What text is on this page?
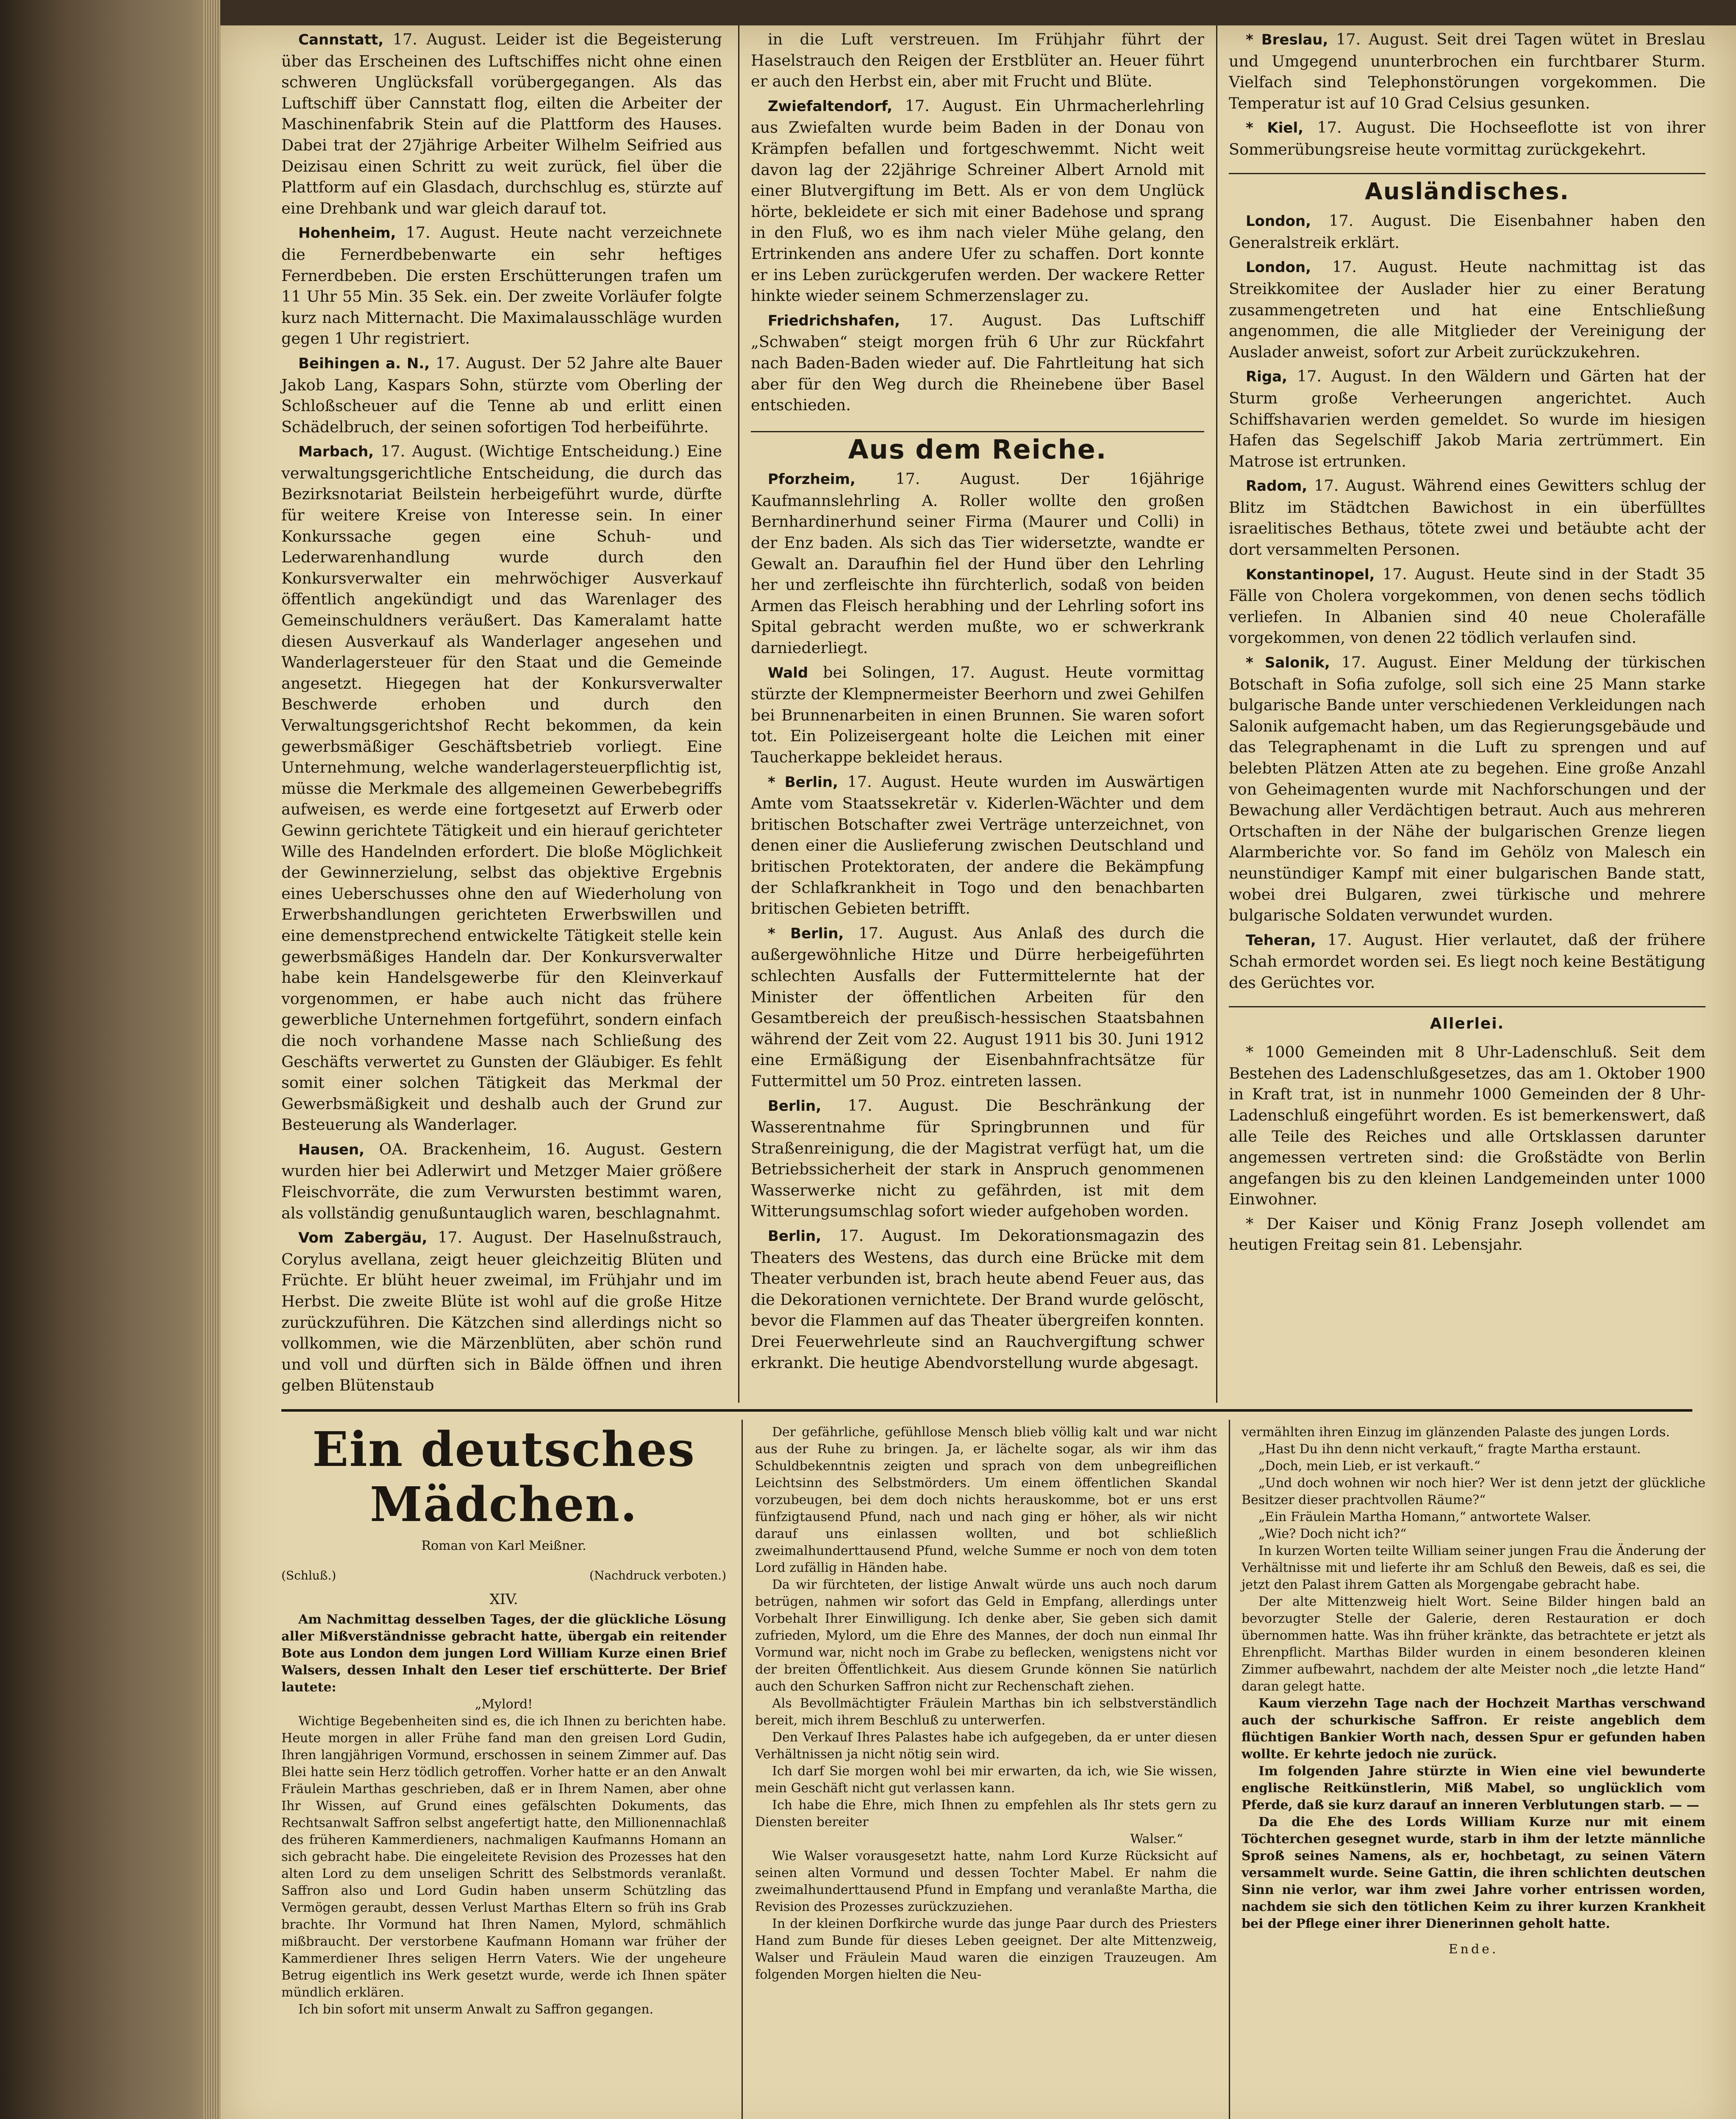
Cannstatt, 17. August. Leider ist die Begeisterung über das Erscheinen des Luftschiffes nicht ohne einen schweren Unglücksfall vorübergegangen. Als das Luftschiff über Cannstatt flog, eilten die Arbeiter der Maschinenfabrik Stein auf die Plattform des Hauses. Dabei trat der 27jährige Arbeiter Wilhelm Seifried aus Deizisau einen Schritt zu weit zurück, fiel über die Plattform auf ein Glasdach, durchschlug es, stürzte auf eine Drehbank und war gleich darauf tot.

Hohenheim, 17. August. Heute nacht verzeichnete die Fernerdbebenwarte ein sehr heftiges Fernerdbeben. Die ersten Erschütterungen trafen um 11 Uhr 55 Min. 35 Sek. ein. Der zweite Vorläufer folgte kurz nach Mitternacht. Die Maximalausschläge wurden gegen 1 Uhr registriert.

Beihingen a. N., 17. August. Der 52 Jahre alte Bauer Jakob Lang, Kaspars Sohn, stürzte vom Oberling der Schloßscheuer auf die Tenne ab und erlitt einen Schädelbruch, der seinen sofortigen Tod herbeiführte.

Marbach, 17. August. (Wichtige Entscheidung.) Eine verwaltungsgerichtliche Entscheidung, die durch das Bezirksnotariat Beilstein herbeigeführt wurde, dürfte für weitere Kreise von Interesse sein. In einer Konkurssache gegen eine Schuh- und Lederwarenhandlung wurde durch den Konkursverwalter ein mehrwöchiger Ausverkauf öffentlich angekündigt und das Warenlager des Gemeinschuldners veräußert. Das Kameralamt hatte diesen Ausverkauf als Wanderlager angesehen und Wanderlagersteuer für den Staat und die Gemeinde angesetzt. Hiegegen hat der Konkursverwalter Beschwerde erhoben und durch den Verwaltungsgerichtshof Recht bekommen, da kein gewerbsmäßiger Geschäftsbetrieb vorliegt. Eine Unternehmung, welche wanderlagersteuerpflichtig ist, müsse die Merkmale des allgemeinen Gewerbebegriffs aufweisen, es werde eine fortgesetzt auf Erwerb oder Gewinn gerichtete Tätigkeit und ein hierauf gerichteter Wille des Handelnden erfordert. Die bloße Möglichkeit der Gewinnerzielung, selbst das objektive Ergebnis eines Ueberschusses ohne den auf Wiederholung von Erwerbshandlungen gerichteten Erwerbswillen und eine demenstprechend entwickelte Tätigkeit stelle kein gewerbsmäßiges Handeln dar. Der Konkursverwalter habe kein Handelsgewerbe für den Kleinverkauf vorgenommen, er habe auch nicht das frühere gewerbliche Unternehmen fortgeführt, sondern einfach die noch vorhandene Masse nach Schließung des Geschäfts verwertet zu Gunsten der Gläubiger. Es fehlt somit einer solchen Tätigkeit das Merkmal der Gewerbsmäßigkeit und deshalb auch der Grund zur Besteuerung als Wanderlager.

Hausen, OA. Brackenheim, 16. August. Gestern wurden hier bei Adlerwirt und Metzger Maier größere Fleischvorräte, die zum Verwursten bestimmt waren, als vollständig genußuntauglich waren, beschlagnahmt.

Vom Zabergäu, 17. August. Der Haselnußstrauch, Corylus avellana, zeigt heuer gleichzeitig Blüten und Früchte. Er blüht heuer zweimal, im Frühjahr und im Herbst. Die zweite Blüte ist wohl auf die große Hitze zurückzuführen. Die Kätzchen sind allerdings nicht so vollkommen, wie die Märzenblüten, aber schön rund und voll und dürften sich in Bälde öffnen und ihren gelben Blütenstaub

in die Luft verstreuen. Im Frühjahr führt der Haselstrauch den Reigen der Erstblüter an. Heuer führt er auch den Herbst ein, aber mit Frucht und Blüte.

Zwiefaltendorf, 17. August. Ein Uhrmacherlehrling aus Zwiefalten wurde beim Baden in der Donau von Krämpfen befallen und fortgeschwemmt. Nicht weit davon lag der 22jährige Schreiner Albert Arnold mit einer Blutvergiftung im Bett. Als er von dem Unglück hörte, bekleidete er sich mit einer Badehose und sprang in den Fluß, wo es ihm nach vieler Mühe gelang, den Ertrinkenden ans andere Ufer zu schaffen. Dort konnte er ins Leben zurückgerufen werden. Der wackere Retter hinkte wieder seinem Schmerzenslager zu.

Friedrichshafen, 17. August. Das Luftschiff „Schwaben“ steigt morgen früh 6 Uhr zur Rückfahrt nach Baden-Baden wieder auf. Die Fahrtleitung hat sich aber für den Weg durch die Rheinebene über Basel entschieden.

Aus dem Reiche.

Pforzheim, 17. August. Der 16jährige Kaufmannslehrling A. Roller wollte den großen Bernhardinerhund seiner Firma (Maurer und Colli) in der Enz baden. Als sich das Tier widersetzte, wandte er Gewalt an. Daraufhin fiel der Hund über den Lehrling her und zerfleischte ihn fürchterlich, sodaß von beiden Armen das Fleisch herabhing und der Lehrling sofort ins Spital gebracht werden mußte, wo er schwerkrank darniederliegt.

Wald bei Solingen, 17. August. Heute vormittag stürzte der Klempnermeister Beerhorn und zwei Gehilfen bei Brunnenarbeiten in einen Brunnen. Sie waren sofort tot. Ein Polizeisergeant holte die Leichen mit einer Taucherkappe bekleidet heraus.

* Berlin, 17. August. Heute wurden im Auswärtigen Amte vom Staatssekretär v. Kiderlen-Wächter und dem britischen Botschafter zwei Verträge unterzeichnet, von denen einer die Auslieferung zwischen Deutschland und britischen Protektoraten, der andere die Bekämpfung der Schlafkrankheit in Togo und den benachbarten britischen Gebieten betrifft.

* Berlin, 17. August. Aus Anlaß des durch die außergewöhnliche Hitze und Dürre herbeigeführten schlechten Ausfalls der Futtermittelernte hat der Minister der öffentlichen Arbeiten für den Gesamtbereich der preußisch-hessischen Staatsbahnen während der Zeit vom 22. August 1911 bis 30. Juni 1912 eine Ermäßigung der Eisenbahnfrachtsätze für Futtermittel um 50 Proz. eintreten lassen.

Berlin, 17. August. Die Beschränkung der Wasserentnahme für Springbrunnen und für Straßenreinigung, die der Magistrat verfügt hat, um die Betriebssicherheit der stark in Anspruch genommenen Wasserwerke nicht zu gefährden, ist mit dem Witterungsumschlag sofort wieder aufgehoben worden.

Berlin, 17. August. Im Dekorationsmagazin des Theaters des Westens, das durch eine Brücke mit dem Theater verbunden ist, brach heute abend Feuer aus, das die Dekorationen vernichtete. Der Brand wurde gelöscht, bevor die Flammen auf das Theater übergreifen konnten. Drei Feuerwehrleute sind an Rauchvergiftung schwer erkrankt. Die heutige Abendvorstellung wurde abgesagt.

* Breslau, 17. August. Seit drei Tagen wütet in Breslau und Umgegend ununterbrochen ein furchtbarer Sturm. Vielfach sind Telephonstörungen vorgekommen. Die Temperatur ist auf 10 Grad Celsius gesunken.

* Kiel, 17. August. Die Hochseeflotte ist von ihrer Sommerübungsreise heute vormittag zurückgekehrt.

Ausländisches.

London, 17. August. Die Eisenbahner haben den Generalstreik erklärt.

London, 17. August. Heute nachmittag ist das Streikkomitee der Auslader hier zu einer Beratung zusammengetreten und hat eine Entschließung angenommen, die alle Mitglieder der Vereinigung der Auslader anweist, sofort zur Arbeit zurückzukehren.

Riga, 17. August. In den Wäldern und Gärten hat der Sturm große Verheerungen angerichtet. Auch Schiffshavarien werden gemeldet. So wurde im hiesigen Hafen das Segelschiff Jakob Maria zertrümmert. Ein Matrose ist ertrunken.

Radom, 17. August. Während eines Gewitters schlug der Blitz im Städtchen Bawichost in ein überfülltes israelitisches Bethaus, tötete zwei und betäubte acht der dort versammelten Personen.

Konstantinopel, 17. August. Heute sind in der Stadt 35 Fälle von Cholera vorgekommen, von denen sechs tödlich verliefen. In Albanien sind 40 neue Cholerafälle vorgekommen, von denen 22 tödlich verlaufen sind.

* Salonik, 17. August. Einer Meldung der türkischen Botschaft in Sofia zufolge, soll sich eine 25 Mann starke bulgarische Bande unter verschiedenen Verkleidungen nach Salonik aufgemacht haben, um das Regierungsgebäude und das Telegraphenamt in die Luft zu sprengen und auf belebten Plätzen Atten ate zu begehen. Eine große Anzahl von Geheimagenten wurde mit Nachforschungen und der Bewachung aller Verdächtigen betraut. Auch aus mehreren Ortschaften in der Nähe der bulgarischen Grenze liegen Alarmberichte vor. So fand im Gehölz von Malesch ein neunstündiger Kampf mit einer bulgarischen Bande statt, wobei drei Bulgaren, zwei türkische und mehrere bulgarische Soldaten verwundet wurden.

Teheran, 17. August. Hier verlautet, daß der frühere Schah ermordet worden sei. Es liegt noch keine Bestätigung des Gerüchtes vor.

Allerlei.

* 1000 Gemeinden mit 8 Uhr-Ladenschluß. Seit dem Bestehen des Ladenschlußgesetzes, das am 1. Oktober 1900 in Kraft trat, ist in nunmehr 1000 Gemeinden der 8 Uhr-Ladenschluß eingeführt worden. Es ist bemerkenswert, daß alle Teile des Reiches und alle Ortsklassen darunter angemessen vertreten sind: die Großstädte von Berlin angefangen bis zu den kleinen Landgemeinden unter 1000 Einwohner.

* Der Kaiser und König Franz Joseph vollendet am heutigen Freitag sein 81. Lebensjahr.

Ein deutsches Mädchen.
Roman von Karl Meißner.
(Schluß.)	(Nachdruck verboten.)
XIV.

Am Nachmittag desselben Tages, der die glückliche Lösung aller Mißverständnisse gebracht hatte, übergab ein reitender Bote aus London dem jungen Lord William Kurze einen Brief Walsers, dessen Inhalt den Leser tief erschütterte. Der Brief lautete:

„Mylord!

Wichtige Begebenheiten sind es, die ich Ihnen zu berichten habe. Heute morgen in aller Frühe fand man den greisen Lord Gudin, Ihren langjährigen Vormund, erschossen in seinem Zimmer auf. Das Blei hatte sein Herz tödlich getroffen. Vorher hatte er an den Anwalt Fräulein Marthas geschrieben, daß er in Ihrem Namen, aber ohne Ihr Wissen, auf Grund eines gefälschten Dokuments, das Rechtsanwalt Saffron selbst angefertigt hatte, den Millionennachlaß des früheren Kammerdieners, nachmaligen Kaufmanns Homann an sich gebracht habe. Die eingeleitete Revision des Prozesses hat den alten Lord zu dem unseligen Schritt des Selbstmords veranlaßt. Saffron also und Lord Gudin haben unserm Schützling das Vermögen geraubt, dessen Verlust Marthas Eltern so früh ins Grab brachte. Ihr Vormund hat Ihren Namen, Mylord, schmählich mißbraucht. Der verstorbene Kaufmann Homann war früher der Kammerdiener Ihres seligen Herrn Vaters. Wie der ungeheure Betrug eigentlich ins Werk gesetzt wurde, werde ich Ihnen später mündlich erklären.

Ich bin sofort mit unserm Anwalt zu Saffron gegangen.

Der gefährliche, gefühllose Mensch blieb völlig kalt und war nicht aus der Ruhe zu bringen. Ja, er lächelte sogar, als wir ihm das Schuldbekenntnis zeigten und sprach von dem unbegreiflichen Leichtsinn des Selbstmörders. Um einem öffentlichen Skandal vorzubeugen, bei dem doch nichts herauskomme, bot er uns erst fünfzigtausend Pfund, nach und nach ging er höher, als wir nicht darauf uns einlassen wollten, und bot schließlich zweimalhunderttausend Pfund, welche Summe er noch von dem toten Lord zufällig in Händen habe.

Da wir fürchteten, der listige Anwalt würde uns auch noch darum betrügen, nahmen wir sofort das Geld in Empfang, allerdings unter Vorbehalt Ihrer Einwilligung. Ich denke aber, Sie geben sich damit zufrieden, Mylord, um die Ehre des Mannes, der doch nun einmal Ihr Vormund war, nicht noch im Grabe zu beflecken, wenigstens nicht vor der breiten Öffentlichkeit. Aus diesem Grunde können Sie natürlich auch den Schurken Saffron nicht zur Rechenschaft ziehen.

Als Bevollmächtigter Fräulein Marthas bin ich selbstverständlich bereit, mich ihrem Beschluß zu unterwerfen.

Den Verkauf Ihres Palastes habe ich aufgegeben, da er unter diesen Verhältnissen ja nicht nötig sein wird.

Ich darf Sie morgen wohl bei mir erwarten, da ich, wie Sie wissen, mein Geschäft nicht gut verlassen kann.

Ich habe die Ehre, mich Ihnen zu empfehlen als Ihr stets gern zu Diensten bereiter

Walser.“

Wie Walser vorausgesetzt hatte, nahm Lord Kurze Rücksicht auf seinen alten Vormund und dessen Tochter Mabel. Er nahm die zweimalhunderttausend Pfund in Empfang und veranlaßte Martha, die Revision des Prozesses zurückzuziehen.

In der kleinen Dorfkirche wurde das junge Paar durch des Priesters Hand zum Bunde für dieses Leben geeignet. Der alte Mittenzweig, Walser und Fräulein Maud waren die einzigen Trauzeugen. Am folgenden Morgen hielten die Neu-

vermählten ihren Einzug im glänzenden Palaste des jungen Lords.

„Hast Du ihn denn nicht verkauft,“ fragte Martha erstaunt.

„Doch, mein Lieb, er ist verkauft.“

„Und doch wohnen wir noch hier? Wer ist denn jetzt der glückliche Besitzer dieser prachtvollen Räume?“

„Ein Fräulein Martha Homann,“ antwortete Walser.

„Wie? Doch nicht ich?“

In kurzen Worten teilte William seiner jungen Frau die Änderung der Verhältnisse mit und lieferte ihr am Schluß den Beweis, daß es sei, die jetzt den Palast ihrem Gatten als Morgengabe gebracht habe.

Der alte Mittenzweig hielt Wort. Seine Bilder hingen bald an bevorzugter Stelle der Galerie, deren Restauration er doch übernommen hatte. Was ihn früher kränkte, das betrachtete er jetzt als Ehrenpflicht. Marthas Bilder wurden in einem besonderen kleinen Zimmer aufbewahrt, nachdem der alte Meister noch „die letzte Hand“ daran gelegt hatte.

Kaum vierzehn Tage nach der Hochzeit Marthas verschwand auch der schurkische Saffron. Er reiste angeblich dem flüchtigen Bankier Worth nach, dessen Spur er gefunden haben wollte. Er kehrte jedoch nie zurück.

Im folgenden Jahre stürzte in Wien eine viel bewunderte englische Reitkünstlerin, Miß Mabel, so unglücklich vom Pferde, daß sie kurz darauf an inneren Verblutungen starb. — —

Da die Ehe des Lords William Kurze nur mit einem Töchterchen gesegnet wurde, starb in ihm der letzte männliche Sproß seines Namens, als er, hochbetagt, zu seinen Vätern versammelt wurde. Seine Gattin, die ihren schlichten deutschen Sinn nie verlor, war ihm zwei Jahre vorher entrissen worden, nachdem sie sich den tötlichen Keim zu ihrer kurzen Krankheit bei der Pflege einer ihrer Dienerinnen geholt hatte.

Ende.
